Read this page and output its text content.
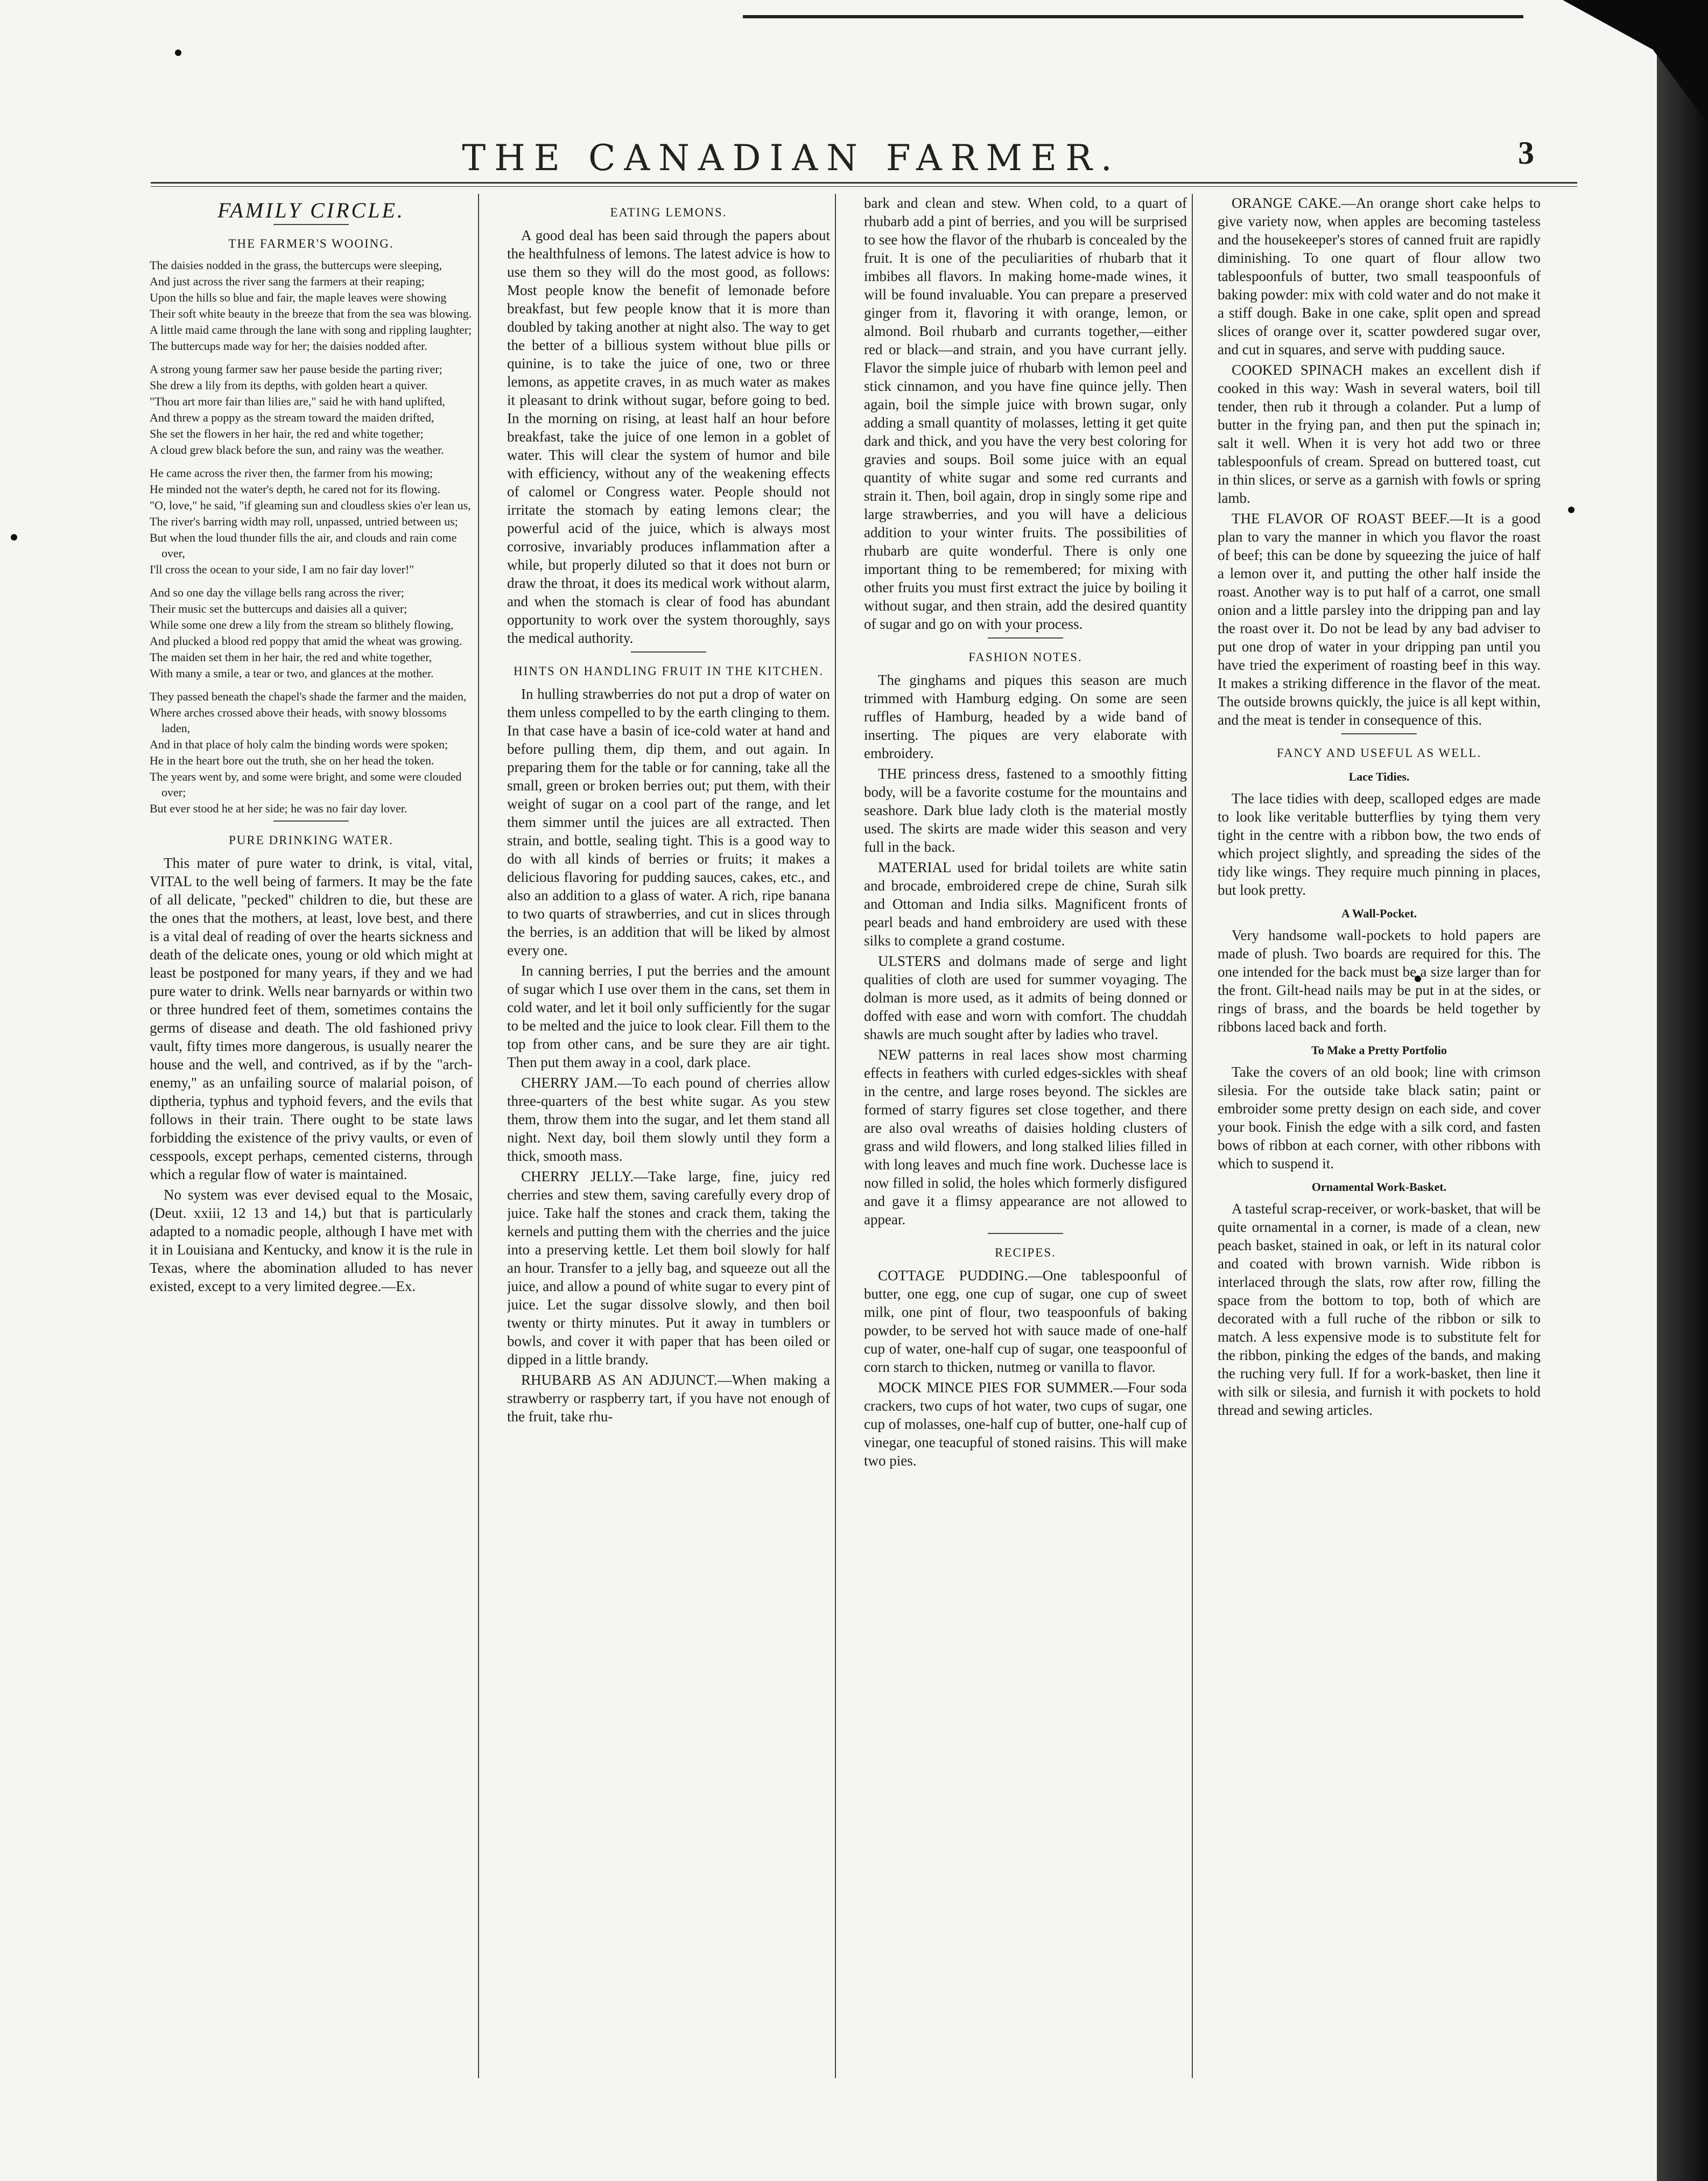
THE CANADIAN FARMER.	3
FAMILY CIRCLE.
THE FARMER'S WOOING.
The daisies nodded in the grass, the buttercups were sleeping,
And just across the river sang the farmers at their reaping;
Upon the hills so blue and fair, the maple leaves were showing
Their soft white beauty in the breeze that from the sea was blowing.
A little maid came through the lane with song and rippling laughter;
The buttercups made way for her; the daisies nodded after.
A strong young farmer saw her pause beside the parting river;
She drew a lily from its depths, with golden heart a quiver.
"Thou art more fair than lilies are," said he with hand uplifted,
And threw a poppy as the stream toward the maiden drifted,
She set the flowers in her hair, the red and white together;
A cloud grew black before the sun, and rainy was the weather.
He came across the river then, the farmer from his mowing;
He minded not the water's depth, he cared not for its flowing.
"O, love," he said, "if gleaming sun and cloudless skies o'er lean us,
The river's barring width may roll, unpassed, untried between us;
But when the loud thunder fills the air, and clouds and rain come over,
I'll cross the ocean to your side, I am no fair day lover!"
And so one day the village bells rang across the river;
Their music set the buttercups and daisies all a quiver;
While some one drew a lily from the stream so blithely flowing,
And plucked a blood red poppy that amid the wheat was growing.
The maiden set them in her hair, the red and white together,
With many a smile, a tear or two, and glances at the mother.
They passed beneath the chapel's shade the farmer and the maiden,
Where arches crossed above their heads, with snowy blossoms laden,
And in that place of holy calm the binding words were spoken;
He in the heart bore out the truth, she on her head the token.
The years went by, and some were bright, and some were clouded over;
But ever stood he at her side; he was no fair day lover.
PURE DRINKING WATER.

This mater of pure water to drink, is vital, vital, VITAL to the well being of farmers. It may be the fate of all delicate, "pecked" children to die, but these are the ones that the mothers, at least, love best, and there is a vital deal of reading of over the hearts sickness and death of the delicate ones, young or old which might at least be postponed for many years, if they and we had pure water to drink. Wells near barnyards or within two or three hundred feet of them, sometimes contains the germs of disease and death. The old fashioned privy vault, fifty times more dangerous, is usually nearer the house and the well, and contrived, as if by the "arch-enemy," as an unfailing source of malarial poison, of diptheria, typhus and typhoid fevers, and the evils that follows in their train. There ought to be state laws forbidding the existence of the privy vaults, or even of cesspools, except perhaps, cemented cisterns, through which a regular flow of water is maintained.

No system was ever devised equal to the Mosaic, (Deut. xxiii, 12 13 and 14,) but that is particularly adapted to a nomadic people, although I have met with it in Louisiana and Kentucky, and know it is the rule in Texas, where the abomination alluded to has never existed, except to a very limited degree.—Ex.

EATING LEMONS.

A good deal has been said through the papers about the healthfulness of lemons. The latest advice is how to use them so they will do the most good, as follows: Most people know the benefit of lemonade before breakfast, but few people know that it is more than doubled by taking another at night also. The way to get the better of a billious system without blue pills or quinine, is to take the juice of one, two or three lemons, as appetite craves, in as much water as makes it pleasant to drink without sugar, before going to bed. In the morning on rising, at least half an hour before breakfast, take the juice of one lemon in a goblet of water. This will clear the system of humor and bile with efficiency, without any of the weakening effects of calomel or Congress water. People should not irritate the stomach by eating lemons clear; the powerful acid of the juice, which is always most corrosive, invariably produces inflammation after a while, but properly diluted so that it does not burn or draw the throat, it does its medical work without alarm, and when the stomach is clear of food has abundant opportunity to work over the system thoroughly, says the medical authority.

HINTS ON HANDLING FRUIT IN THE KITCHEN.

In hulling strawberries do not put a drop of water on them unless compelled to by the earth clinging to them. In that case have a basin of ice-cold water at hand and before pulling them, dip them, and out again. In preparing them for the table or for canning, take all the small, green or broken berries out; put them, with their weight of sugar on a cool part of the range, and let them simmer until the juices are all extracted. Then strain, and bottle, sealing tight. This is a good way to do with all kinds of berries or fruits; it makes a delicious flavoring for pudding sauces, cakes, etc., and also an addition to a glass of water. A rich, ripe banana to two quarts of strawberries, and cut in slices through the berries, is an addition that will be liked by almost every one.

In canning berries, I put the berries and the amount of sugar which I use over them in the cans, set them in cold water, and let it boil only sufficiently for the sugar to be melted and the juice to look clear. Fill them to the top from other cans, and be sure they are air tight. Then put them away in a cool, dark place.

CHERRY JAM.—To each pound of cherries allow three-quarters of the best white sugar. As you stew them, throw them into the sugar, and let them stand all night. Next day, boil them slowly until they form a thick, smooth mass.

CHERRY JELLY.—Take large, fine, juicy red cherries and stew them, saving carefully every drop of juice. Take half the stones and crack them, taking the kernels and putting them with the cherries and the juice into a preserving kettle. Let them boil slowly for half an hour. Transfer to a jelly bag, and squeeze out all the juice, and allow a pound of white sugar to every pint of juice. Let the sugar dissolve slowly, and then boil twenty or thirty minutes. Put it away in tumblers or bowls, and cover it with paper that has been oiled or dipped in a little brandy.

RHUBARB AS AN ADJUNCT.—When making a strawberry or raspberry tart, if you have not enough of the fruit, take rhu-

bark and clean and stew. When cold, to a quart of rhubarb add a pint of berries, and you will be surprised to see how the flavor of the rhubarb is concealed by the fruit. It is one of the peculiarities of rhubarb that it imbibes all flavors. In making home-made wines, it will be found invaluable. You can prepare a preserved ginger from it, flavoring it with orange, lemon, or almond. Boil rhubarb and currants together,—either red or black—and strain, and you have currant jelly. Flavor the simple juice of rhubarb with lemon peel and stick cinnamon, and you have fine quince jelly. Then again, boil the simple juice with brown sugar, only adding a small quantity of molasses, letting it get quite dark and thick, and you have the very best coloring for gravies and soups. Boil some juice with an equal quantity of white sugar and some red currants and strain it. Then, boil again, drop in singly some ripe and large strawberries, and you will have a delicious addition to your winter fruits. The possibilities of rhubarb are quite wonderful. There is only one important thing to be remembered; for mixing with other fruits you must first extract the juice by boiling it without sugar, and then strain, add the desired quantity of sugar and go on with your process.

FASHION NOTES.

The ginghams and piques this season are much trimmed with Hamburg edging. On some are seen ruffles of Hamburg, headed by a wide band of inserting. The piques are very elaborate with embroidery.

THE princess dress, fastened to a smoothly fitting body, will be a favorite costume for the mountains and seashore. Dark blue lady cloth is the material mostly used. The skirts are made wider this season and very full in the back.

MATERIAL used for bridal toilets are white satin and brocade, embroidered crepe de chine, Surah silk and Ottoman and India silks. Magnificent fronts of pearl beads and hand embroidery are used with these silks to complete a grand costume.

ULSTERS and dolmans made of serge and light qualities of cloth are used for summer voyaging. The dolman is more used, as it admits of being donned or doffed with ease and worn with comfort. The chuddah shawls are much sought after by ladies who travel.

NEW patterns in real laces show most charming effects in feathers with curled edges-sickles with sheaf in the centre, and large roses beyond. The sickles are formed of starry figures set close together, and there are also oval wreaths of daisies holding clusters of grass and wild flowers, and long stalked lilies filled in with long leaves and much fine work. Duchesse lace is now filled in solid, the holes which formerly disfigured and gave it a flimsy appearance are not allowed to appear.

RECIPES.

COTTAGE PUDDING.—One tablespoonful of butter, one egg, one cup of sugar, one cup of sweet milk, one pint of flour, two teaspoonfuls of baking powder, to be served hot with sauce made of one-half cup of water, one-half cup of sugar, one teaspoonful of corn starch to thicken, nutmeg or vanilla to flavor.

MOCK MINCE PIES FOR SUMMER.—Four soda crackers, two cups of hot water, two cups of sugar, one cup of molasses, one-half cup of butter, one-half cup of vinegar, one teacupful of stoned raisins. This will make two pies.

ORANGE CAKE.—An orange short cake helps to give variety now, when apples are becoming tasteless and the housekeeper's stores of canned fruit are rapidly diminishing. To one quart of flour allow two tablespoonfuls of butter, two small teaspoonfuls of baking powder: mix with cold water and do not make it a stiff dough. Bake in one cake, split open and spread slices of orange over it, scatter powdered sugar over, and cut in squares, and serve with pudding sauce.

COOKED SPINACH makes an excellent dish if cooked in this way: Wash in several waters, boil till tender, then rub it through a colander. Put a lump of butter in the frying pan, and then put the spinach in; salt it well. When it is very hot add two or three tablespoonfuls of cream. Spread on buttered toast, cut in thin slices, or serve as a garnish with fowls or spring lamb.

THE FLAVOR OF ROAST BEEF.—It is a good plan to vary the manner in which you flavor the roast of beef; this can be done by squeezing the juice of half a lemon over it, and putting the other half inside the roast. Another way is to put half of a carrot, one small onion and a little parsley into the dripping pan and lay the roast over it. Do not be lead by any bad adviser to put one drop of water in your dripping pan until you have tried the experiment of roasting beef in this way. It makes a striking difference in the flavor of the meat. The outside browns quickly, the juice is all kept within, and the meat is tender in consequence of this.

FANCY AND USEFUL AS WELL.
Lace Tidies.

The lace tidies with deep, scalloped edges are made to look like veritable butterflies by tying them very tight in the centre with a ribbon bow, the two ends of which project slightly, and spreading the sides of the tidy like wings. They require much pinning in places, but look pretty.

A Wall-Pocket.

Very handsome wall-pockets to hold papers are made of plush. Two boards are required for this. The one intended for the back must be a size larger than for the front. Gilt-head nails may be put in at the sides, or rings of brass, and the boards be held together by ribbons laced back and forth.

To Make a Pretty Portfolio

Take the covers of an old book; line with crimson silesia. For the outside take black satin; paint or embroider some pretty design on each side, and cover your book. Finish the edge with a silk cord, and fasten bows of ribbon at each corner, with other ribbons with which to suspend it.

Ornamental Work-Basket.

A tasteful scrap-receiver, or work-basket, that will be quite ornamental in a corner, is made of a clean, new peach basket, stained in oak, or left in its natural color and coated with brown varnish. Wide ribbon is interlaced through the slats, row after row, filling the space from the bottom to top, both of which are decorated with a full ruche of the ribbon or silk to match. A less expensive mode is to substitute felt for the ribbon, pinking the edges of the bands, and making the ruching very full. If for a work-basket, then line it with silk or silesia, and furnish it with pockets to hold thread and sewing articles.
